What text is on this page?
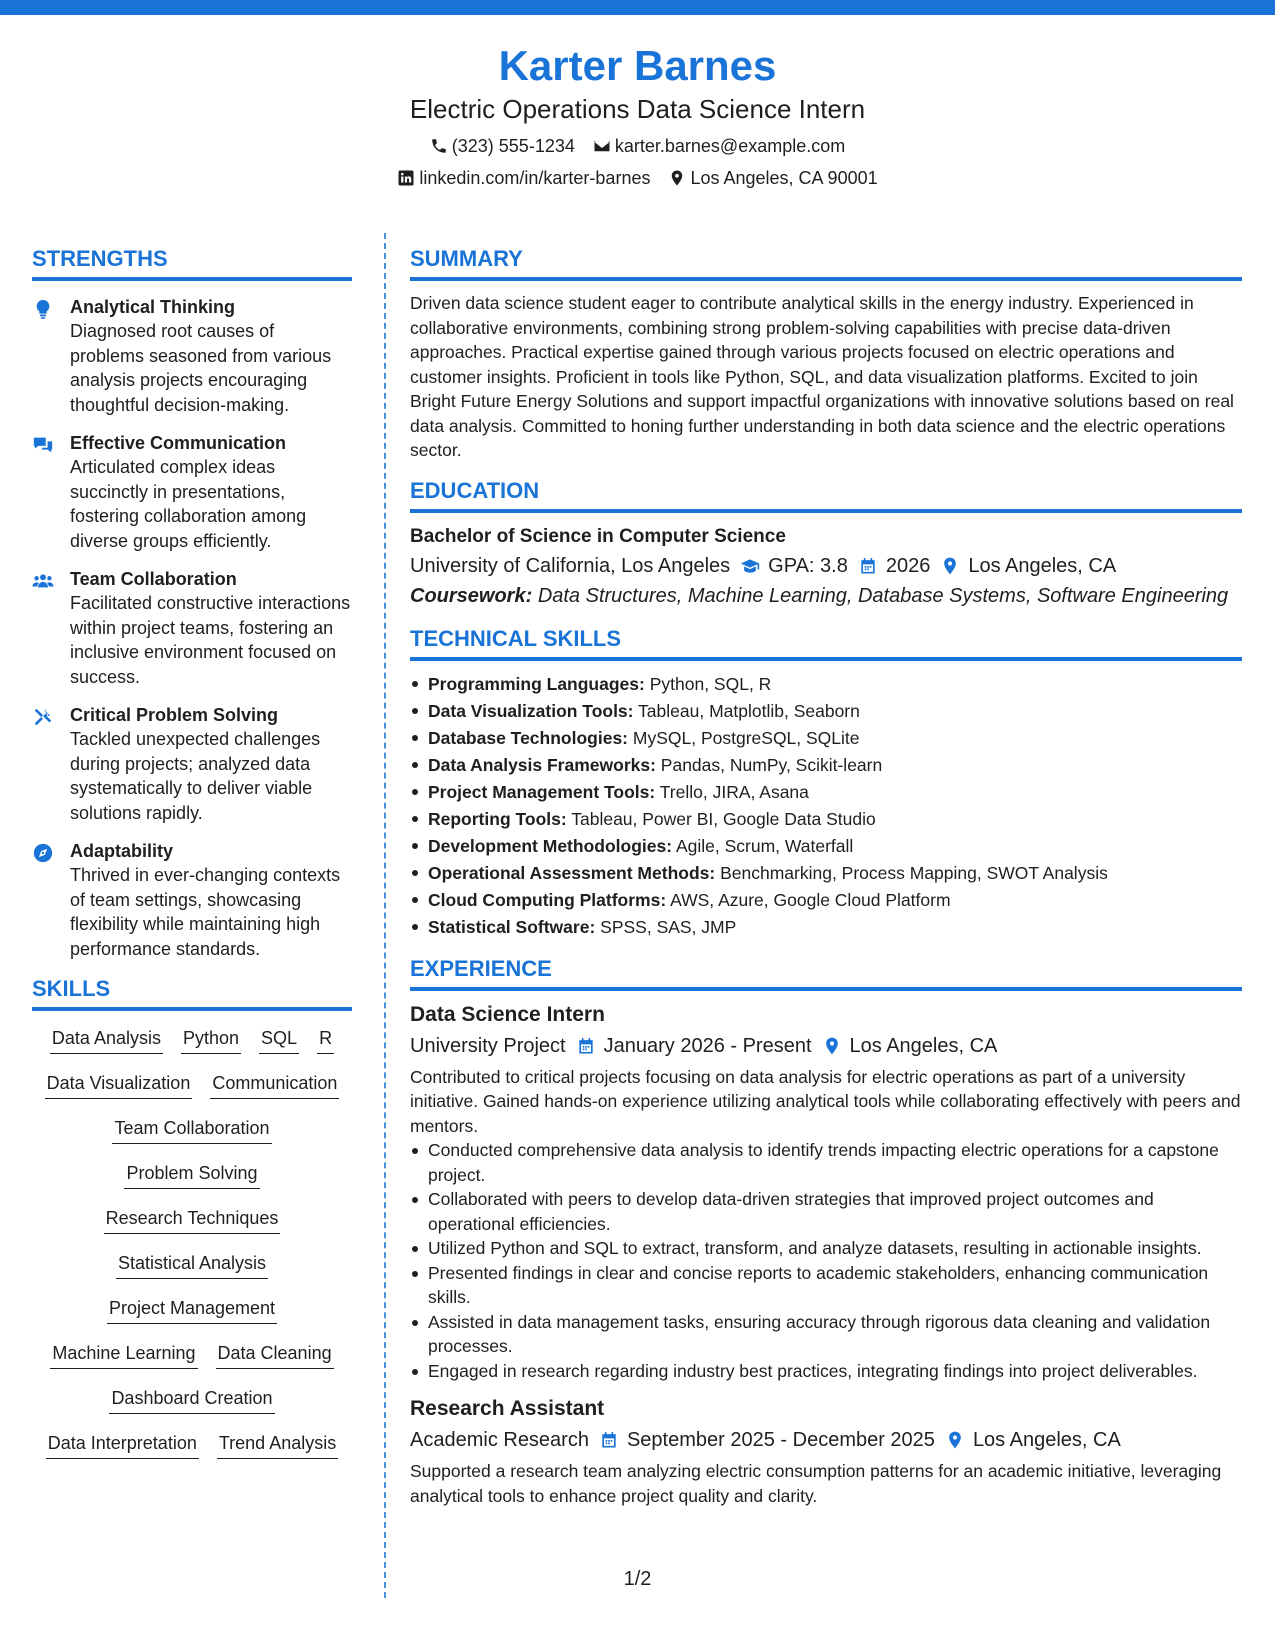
Karter Barnes
Electric Operations Data Science Intern
(323) 555-1234 karter.barnes@example.com
linkedin.com/in/karter-barnes Los Angeles, CA 90001
STRENGTHS
Analytical Thinking
Diagnosed root causes of problems seasoned from various analysis projects encouraging thoughtful decision-making.
Effective Communication
Articulated complex ideas succinctly in presentations, fostering collaboration among diverse groups efficiently.
Team Collaboration
Facilitated constructive interactions within project teams, fostering an inclusive environment focused on success.
Critical Problem Solving
Tackled unexpected challenges during projects; analyzed data systematically to deliver viable solutions rapidly.
Adaptability
Thrived in ever-changing contexts of team settings, showcasing flexibility while maintaining high performance standards.
SKILLS
Data Analysis Python SQL R
Data Visualization Communication
Team Collaboration
Problem Solving
Research Techniques
Statistical Analysis
Project Management
Machine Learning Data Cleaning
Dashboard Creation
Data Interpretation Trend Analysis
SUMMARY
Driven data science student eager to contribute analytical skills in the energy industry. Experienced in collaborative environments, combining strong problem-solving capabilities with precise data-driven approaches. Practical expertise gained through various projects focused on electric operations and customer insights. Proficient in tools like Python, SQL, and data visualization platforms. Excited to join Bright Future Energy Solutions and support impactful organizations with innovative solutions based on real data analysis. Committed to honing further understanding in both data science and the electric operations sector.
EDUCATION
Bachelor of Science in Computer Science
University of California, Los Angeles GPA: 3.8 2026 Los Angeles, CA
Coursework: Data Structures, Machine Learning, Database Systems, Software Engineering
TECHNICAL SKILLS
Programming Languages: Python, SQL, R
Data Visualization Tools: Tableau, Matplotlib, Seaborn
Database Technologies: MySQL, PostgreSQL, SQLite
Data Analysis Frameworks: Pandas, NumPy, Scikit-learn
Project Management Tools: Trello, JIRA, Asana
Reporting Tools: Tableau, Power BI, Google Data Studio
Development Methodologies: Agile, Scrum, Waterfall
Operational Assessment Methods: Benchmarking, Process Mapping, SWOT Analysis
Cloud Computing Platforms: AWS, Azure, Google Cloud Platform
Statistical Software: SPSS, SAS, JMP
EXPERIENCE
Data Science Intern
University Project January 2026 - Present Los Angeles, CA
Contributed to critical projects focusing on data analysis for electric operations as part of a university initiative. Gained hands-on experience utilizing analytical tools while collaborating effectively with peers and mentors.
Conducted comprehensive data analysis to identify trends impacting electric operations for a capstone project.
Collaborated with peers to develop data-driven strategies that improved project outcomes and operational efficiencies.
Utilized Python and SQL to extract, transform, and analyze datasets, resulting in actionable insights.
Presented findings in clear and concise reports to academic stakeholders, enhancing communication skills.
Assisted in data management tasks, ensuring accuracy through rigorous data cleaning and validation processes.
Engaged in research regarding industry best practices, integrating findings into project deliverables.
Research Assistant
Academic Research September 2025 - December 2025 Los Angeles, CA
Supported a research team analyzing electric consumption patterns for an academic initiative, leveraging analytical tools to enhance project quality and clarity.
1/2
